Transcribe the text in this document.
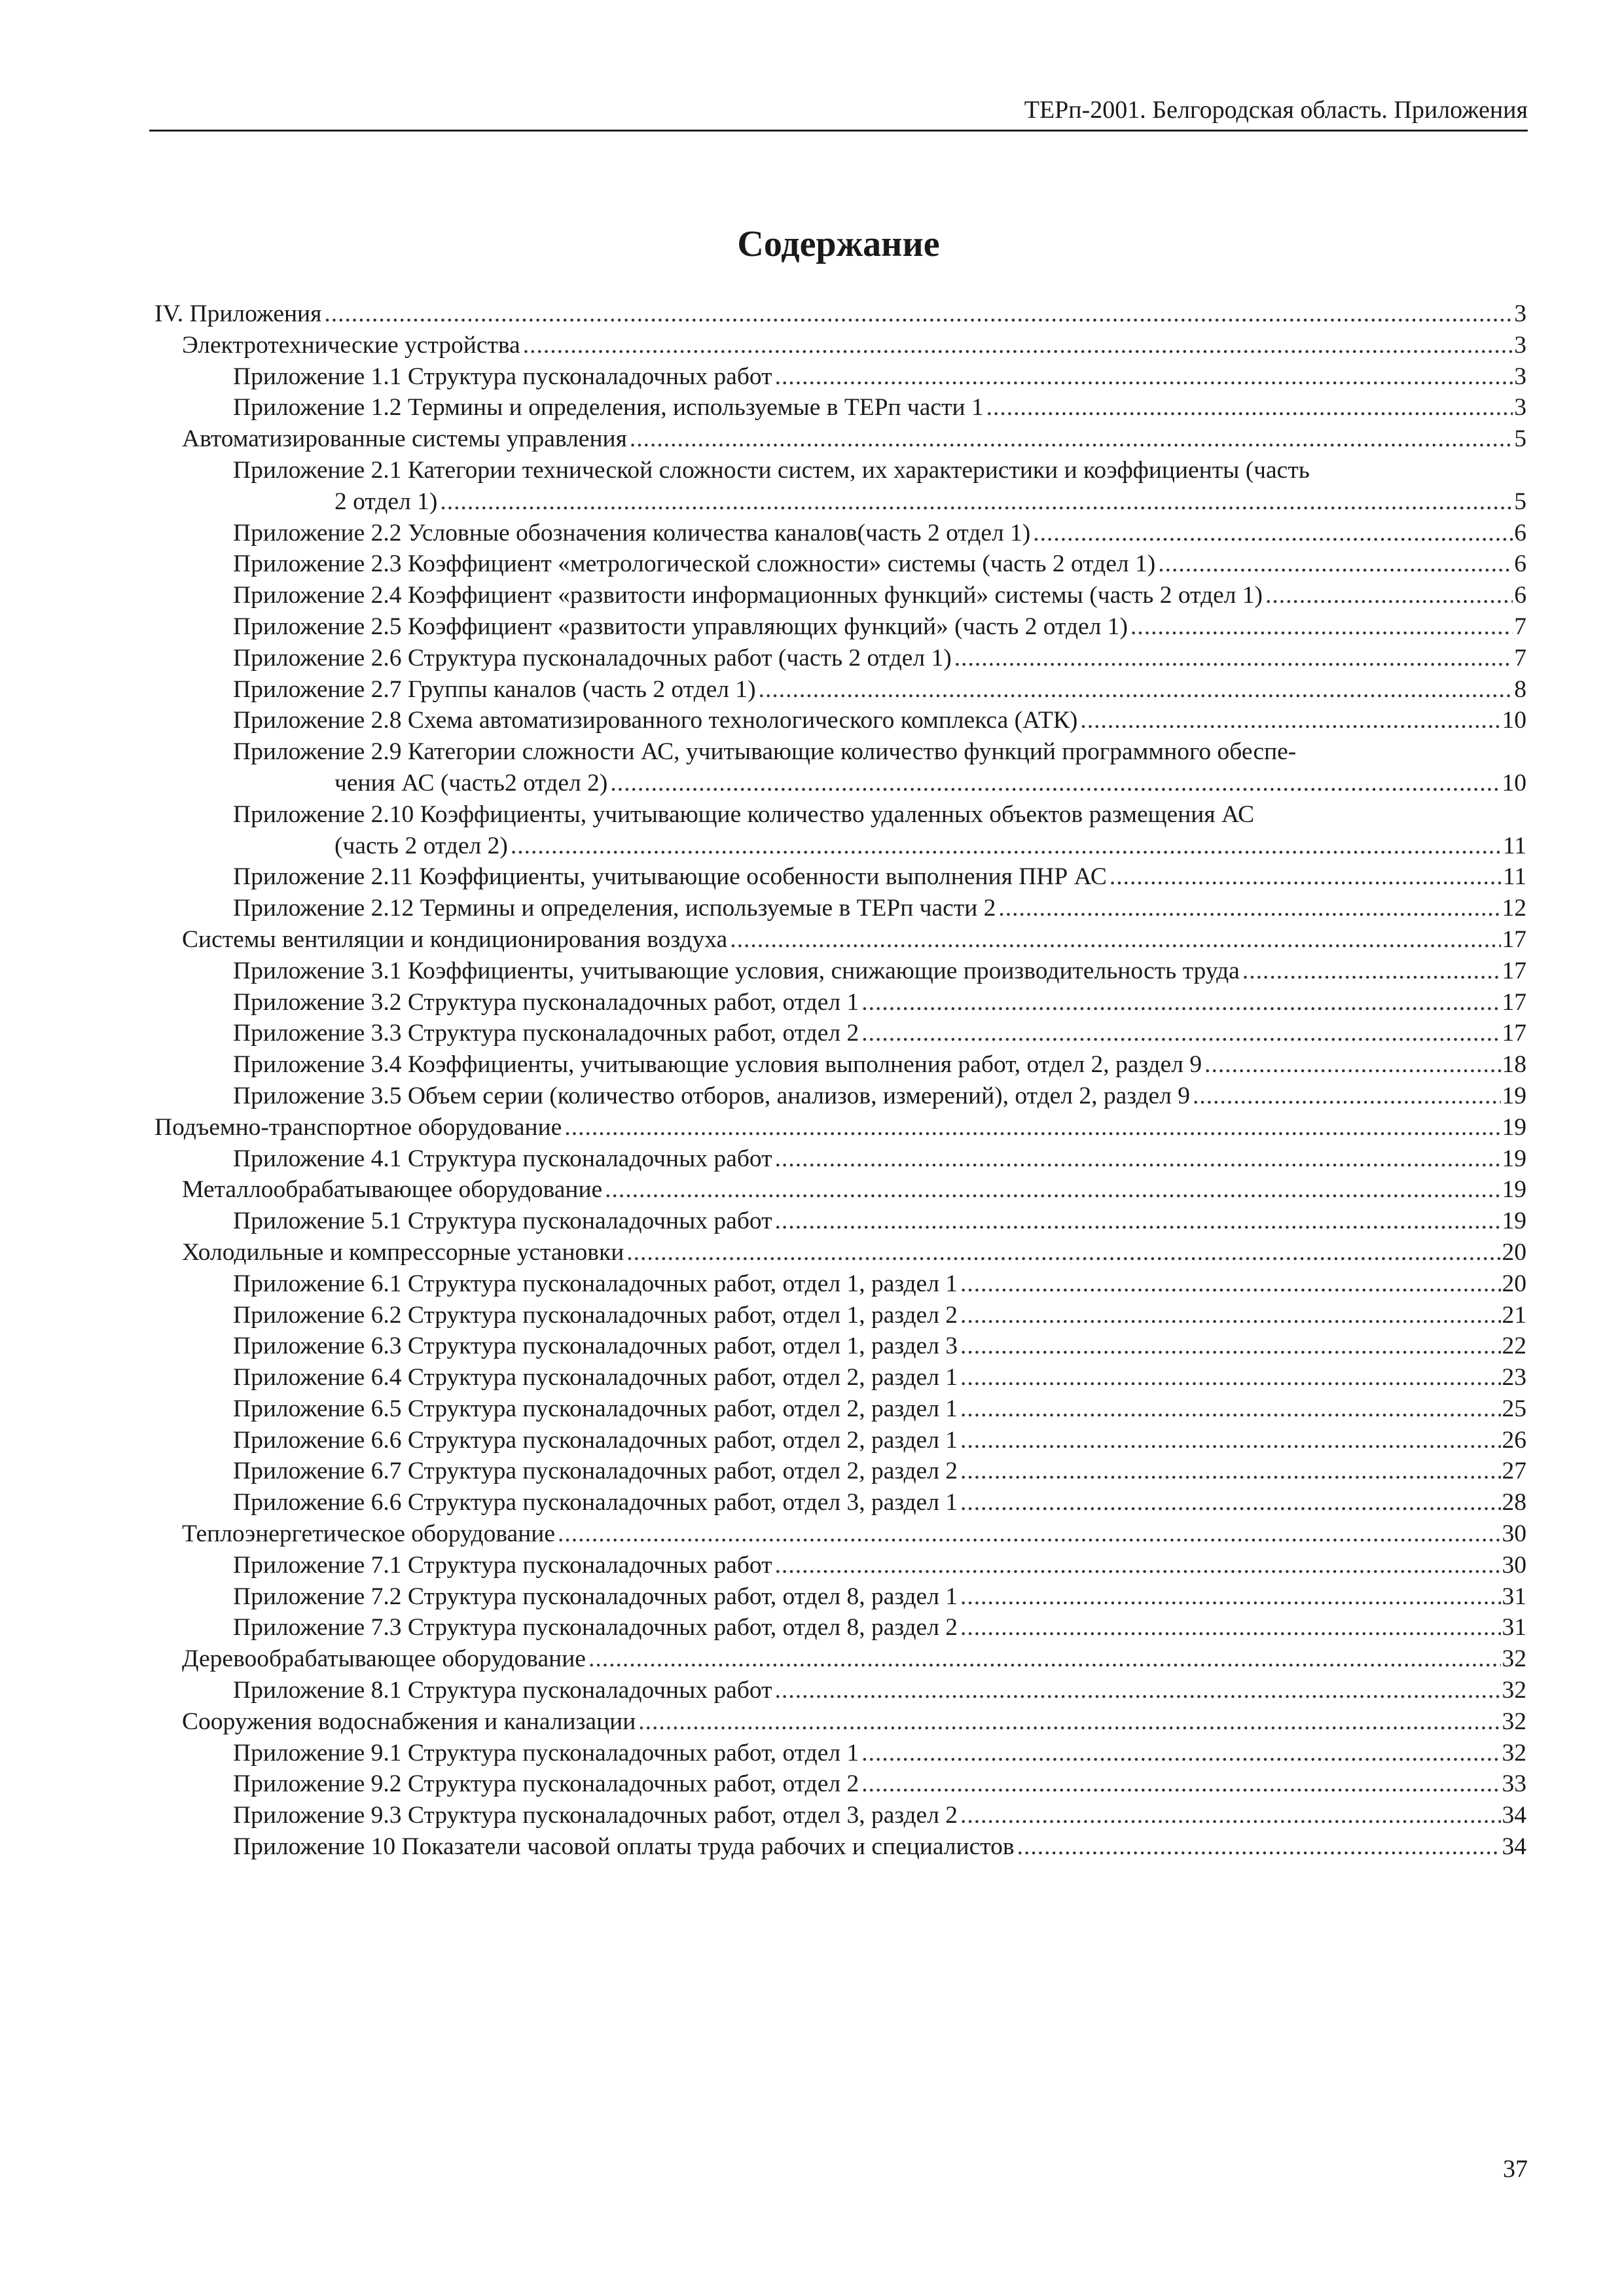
ТЕРп-2001. Белгородская область. Приложения
Содержание
IV. Приложения .....	3
Электротехнические устройства .....	3
Приложение 1.1 Структура пусконаладочных работ .....	3
Приложение 1.2 Термины и определения, используемые в ТЕРп части 1 .....	3
Автоматизированные системы управления .....	5
Приложение 2.1 Категории технической сложности систем, их характеристики и коэффициенты (часть
2 отдел 1) .....	5
Приложение 2.2 Условные обозначения количества каналов(часть 2 отдел 1) .....	6
Приложение 2.3 Коэффициент «метрологической сложности» системы (часть 2 отдел 1) .....	6
Приложение 2.4 Коэффициент «развитости информационных функций» системы (часть 2 отдел 1) .....	6
Приложение 2.5 Коэффициент «развитости управляющих функций» (часть 2 отдел 1) .....	7
Приложение 2.6 Структура пусконаладочных работ (часть 2 отдел 1) .....	7
Приложение 2.7 Группы каналов (часть 2 отдел 1) .....	8
Приложение 2.8 Схема автоматизированного технологического комплекса (АТК) .....	10
Приложение 2.9 Категории сложности АС, учитывающие количество функций программного обеспе-
чения АС (часть2 отдел 2) .....	10
Приложение 2.10 Коэффициенты, учитывающие количество удаленных объектов размещения АС
(часть 2 отдел 2) .....	11
Приложение 2.11 Коэффициенты, учитывающие особенности выполнения ПНР АС .....	11
Приложение 2.12 Термины и определения, используемые в ТЕРп части 2 .....	12
Системы вентиляции и кондиционирования воздуха .....	17
Приложение 3.1 Коэффициенты, учитывающие условия, снижающие производительность труда .....	17
Приложение 3.2 Структура пусконаладочных работ, отдел 1 .....	17
Приложение 3.3 Структура пусконаладочных работ, отдел 2 .....	17
Приложение 3.4 Коэффициенты, учитывающие условия выполнения работ, отдел 2, раздел 9 .....	18
Приложение 3.5 Объем серии (количество отборов, анализов, измерений), отдел 2, раздел 9 .....	19
Подъемно-транспортное оборудование .....	19
Приложение 4.1 Структура пусконаладочных работ .....	19
Металлообрабатывающее оборудование .....	19
Приложение 5.1 Структура пусконаладочных работ .....	19
Холодильные и компрессорные установки .....	20
Приложение 6.1 Структура пусконаладочных работ, отдел 1, раздел 1 .....	20
Приложение 6.2 Структура пусконаладочных работ, отдел 1, раздел 2 .....	21
Приложение 6.3 Структура пусконаладочных работ, отдел 1, раздел 3 .....	22
Приложение 6.4 Структура пусконаладочных работ, отдел 2, раздел 1 .....	23
Приложение 6.5 Структура пусконаладочных работ, отдел 2, раздел 1 .....	25
Приложение 6.6 Структура пусконаладочных работ, отдел 2, раздел 1 .....	26
Приложение 6.7 Структура пусконаладочных работ, отдел 2, раздел 2 .....	27
Приложение 6.6 Структура пусконаладочных работ, отдел 3, раздел 1 .....	28
Теплоэнергетическое оборудование .....	30
Приложение 7.1 Структура пусконаладочных работ .....	30
Приложение 7.2 Структура пусконаладочных работ, отдел 8, раздел 1 .....	31
Приложение 7.3 Структура пусконаладочных работ, отдел 8, раздел 2 .....	31
Деревообрабатывающее оборудование .....	32
Приложение 8.1 Структура пусконаладочных работ .....	32
Сооружения водоснабжения и канализации .....	32
Приложение 9.1 Структура пусконаладочных работ, отдел 1 .....	32
Приложение 9.2 Структура пусконаладочных работ, отдел 2 .....	33
Приложение 9.3 Структура пусконаладочных работ, отдел 3, раздел 2 .....	34
Приложение 10 Показатели часовой оплаты труда рабочих и специалистов .....	34
37
